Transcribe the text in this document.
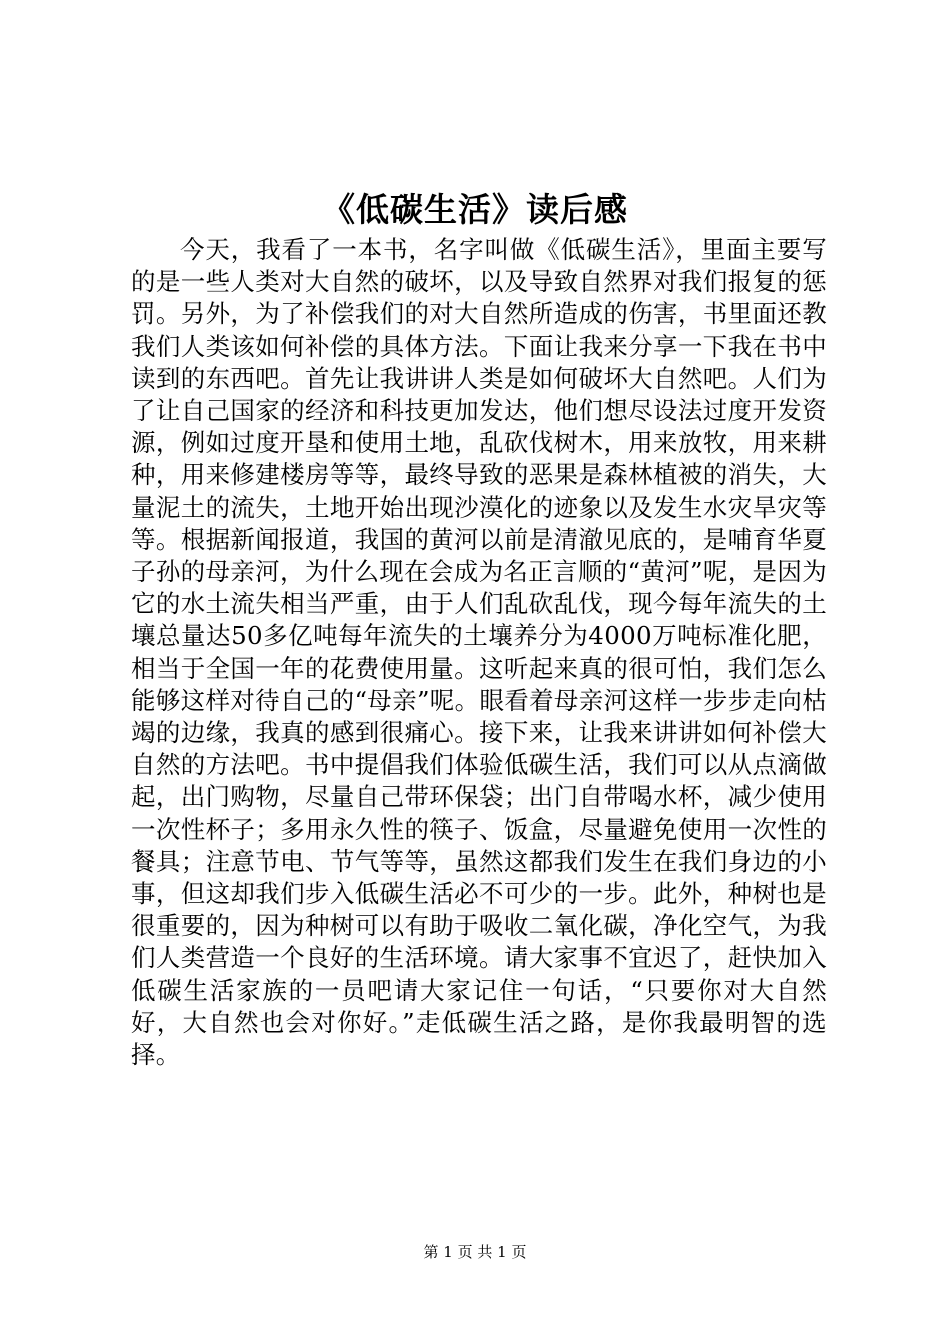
《低碳生活》读后感

今天，我看了一本书，名字叫做《低碳生活》，里面主要写的是一些人类对大自然的破坏，以及导致自然界对我们报复的惩罚。另外，为了补偿我们的对大自然所造成的伤害，书里面还教我们人类该如何补偿的具体方法。下面让我来分享一下我在书中读到的东西吧。首先让我讲讲人类是如何破坏大自然吧。人们为了让自己国家的经济和科技更加发达，他们想尽设法过度开发资源，例如过度开垦和使用土地，乱砍伐树木，用来放牧，用来耕种，用来修建楼房等等，最终导致的恶果是森林植被的消失，大量泥土的流失，土地开始出现沙漠化的迹象以及发生水灾旱灾等等。根据新闻报道，我国的黄河以前是清澈见底的，是哺育华夏子孙的母亲河，为什么现在会成为名正言顺的“黄河”呢，是因为它的水土流失相当严重，由于人们乱砍乱伐，现今每年流失的土壤总量达50多亿吨每年流失的土壤养分为4000万吨标准化肥，相当于全国一年的花费使用量。这听起来真的很可怕，我们怎么能够这样对待自己的“母亲”呢。眼看着母亲河这样一步步走向枯竭的边缘，我真的感到很痛心。接下来，让我来讲讲如何补偿大自然的方法吧。书中提倡我们体验低碳生活，我们可以从点滴做起，出门购物，尽量自己带环保袋；出门自带喝水杯，减少使用一次性杯子；多用永久性的筷子、饭盒，尽量避免使用一次性的餐具；注意节电、节气等等，虽然这都我们发生在我们身边的小事，但这却我们步入低碳生活必不可少的一步。此外，种树也是很重要的，因为种树可以有助于吸收二氧化碳，净化空气，为我们人类营造一个良好的生活环境。请大家事不宜迟了，赶快加入低碳生活家族的一员吧请大家记住一句话，“只要你对大自然好，大自然也会对你好。”走低碳生活之路，是你我最明智的选择。

第 1 页 共 1 页
